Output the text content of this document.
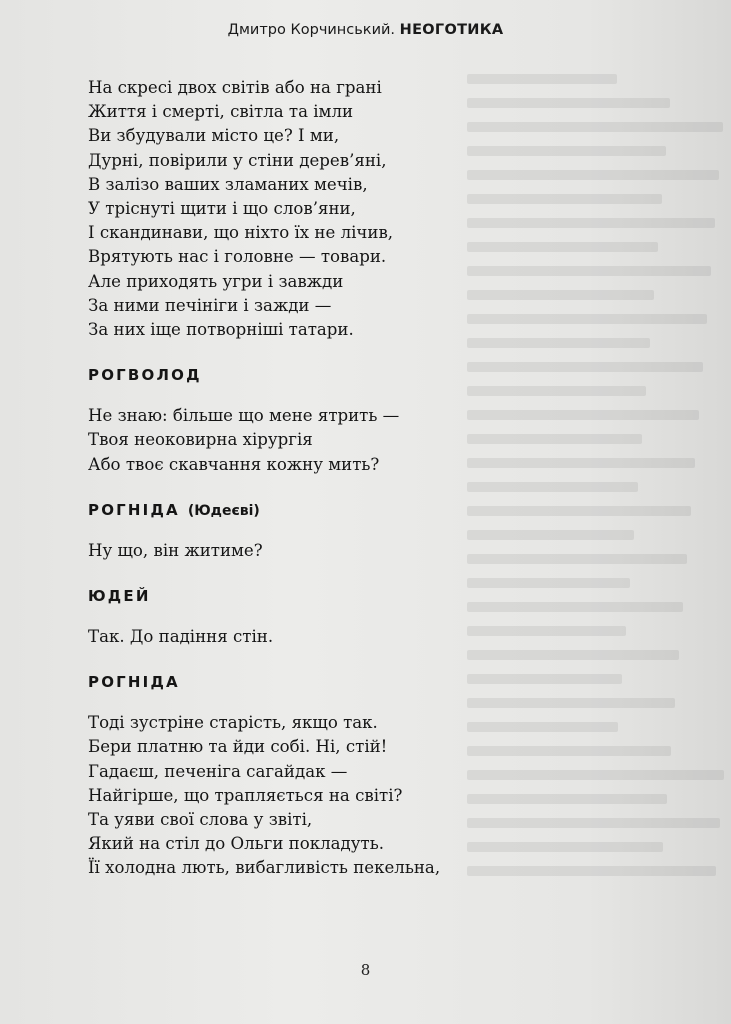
Дмитро Корчинський. НЕОГОТИКА
На скресі двох світів або на грані
Життя і смерті, світла та імли
Ви збудували місто це? І ми,
Дурні, повірили у стіни дерев’яні,
В залізо ваших зламаних мечів,
У тріснуті щити і що слов’яни,
І скандинави, що ніхто їх не лічив,
Врятують нас і головне — товари.
Але приходять угри і завжди
За ними печініги і зажди —
За них іще потворніші татари.
РОГВОЛОД
Не знаю: більше що мене ятрить —
Твоя неоковирна хірургія
Або твоє скавчання кожну мить?
РОГНІДА (Юдеєві)
Ну що, він житиме?
ЮДЕЙ
Так. До падіння стін.
РОГНІДА
Тоді зустріне старість, якщо так.
Бери платню та йди собі. Ні, стій!
Гадаєш, печеніга сагайдак —
Найгірше, що трапляється на світі?
Та уяви свої слова у звіті,
Який на стіл до Ольги покладуть.
Її холодна лють, вибагливість пекельна,
8
